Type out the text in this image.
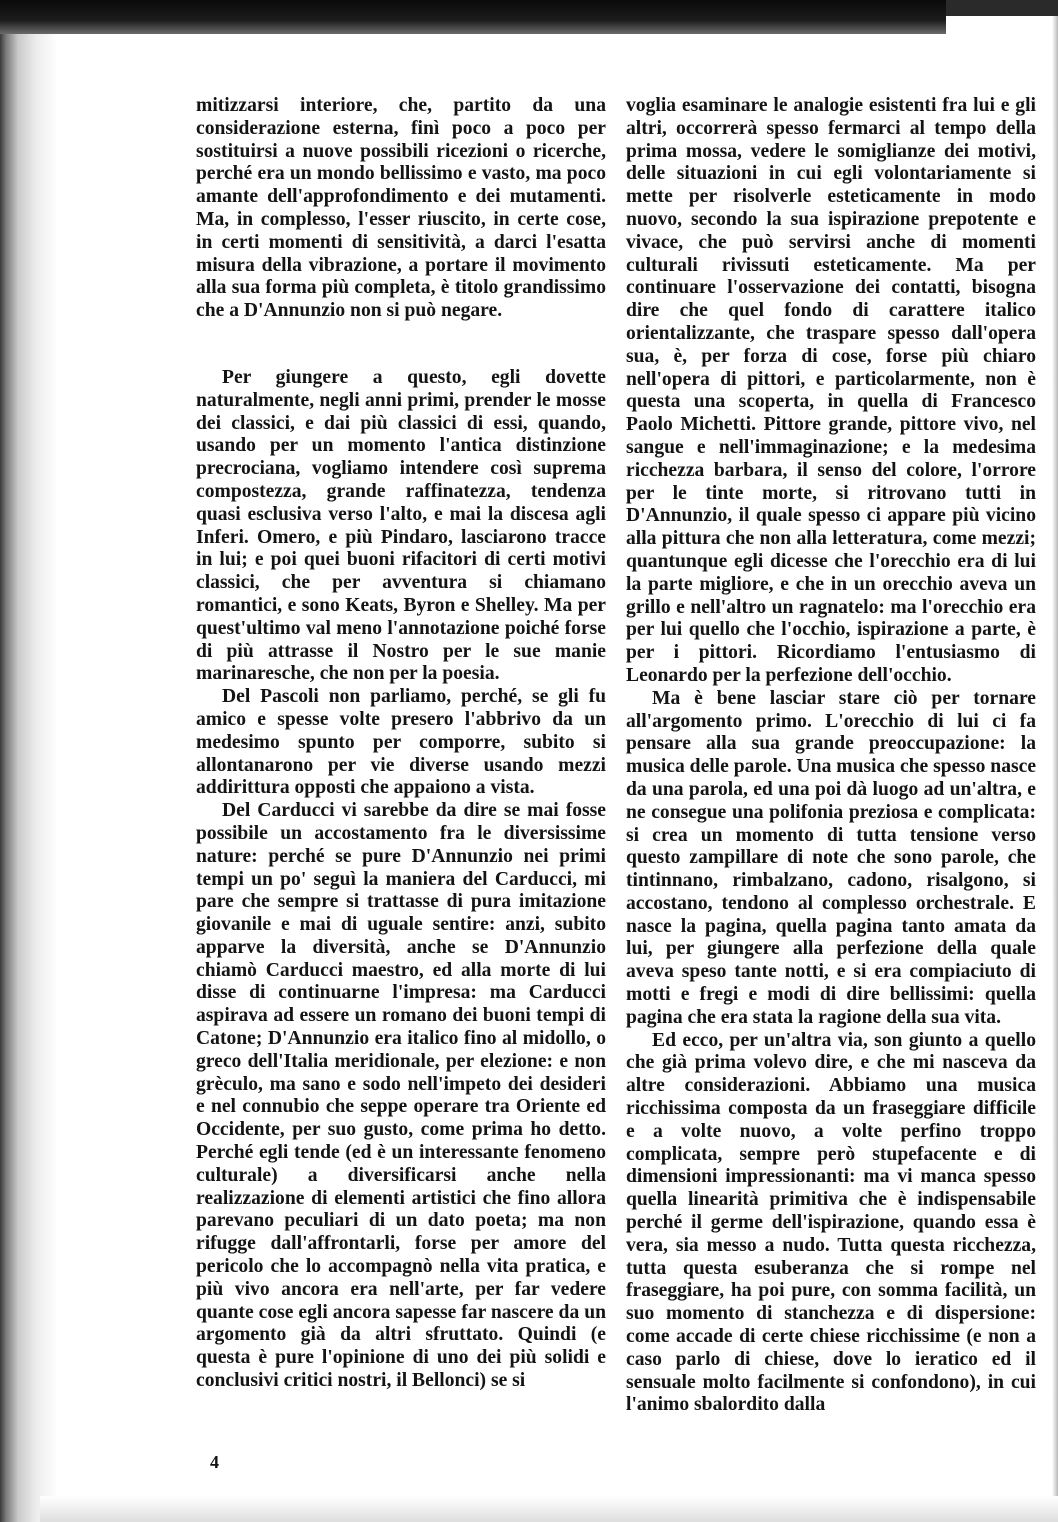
mitizzarsi interiore, che, partito da una considerazione esterna, finì poco a poco per sostituirsi a nuove possibili ricezioni o ricerche, perché era un mondo bellissimo e vasto, ma poco amante dell'approfondimento e dei mutamenti. Ma, in complesso, l'esser riuscito, in certe cose, in certi momenti di sensitività, a darci l'esatta misura della vibrazione, a portare il movimento alla sua forma più completa, è titolo grandissimo che a D'Annunzio non si può negare.

Per giungere a questo, egli dovette naturalmente, negli anni primi, prender le mosse dei classici, e dai più classici di essi, quando, usando per un momento l'antica distinzione precrociana, vogliamo intendere così suprema compostezza, grande raffinatezza, tendenza quasi esclusiva verso l'alto, e mai la discesa agli Inferi. Omero, e più Pindaro, lasciarono tracce in lui; e poi quei buoni rifacitori di certi motivi classici, che per avventura si chiamano romantici, e sono Keats, Byron e Shelley. Ma per quest'ultimo val meno l'annotazione poiché forse di più attrasse il Nostro per le sue manie marinaresche, che non per la poesia.

Del Pascoli non parliamo, perché, se gli fu amico e spesse volte presero l'abbrivo da un medesimo spunto per comporre, subito si allontanarono per vie diverse usando mezzi addirittura opposti che appaiono a vista.

Del Carducci vi sarebbe da dire se mai fosse possibile un accostamento fra le diversissime nature: perché se pure D'Annunzio nei primi tempi un po' seguì la maniera del Carducci, mi pare che sempre si trattasse di pura imitazione giovanile e mai di uguale sentire: anzi, subito apparve la diversità, anche se D'Annunzio chiamò Carducci maestro, ed alla morte di lui disse di continuarne l'impresa: ma Carducci aspirava ad essere un romano dei buoni tempi di Catone; D'Annunzio era italico fino al midollo, o greco dell'Italia meridionale, per elezione: e non grèculo, ma sano e sodo nell'impeto dei desideri e nel connubio che seppe operare tra Oriente ed Occidente, per suo gusto, come prima ho detto. Perché egli tende (ed è un interessante fenomeno culturale) a diversificarsi anche nella realizzazione di elementi artistici che fino allora parevano peculiari di un dato poeta; ma non rifugge dall'affrontarli, forse per amore del pericolo che lo accompagnò nella vita pratica, e più vivo ancora era nell'arte, per far vedere quante cose egli ancora sapesse far nascere da un argomento già da altri sfruttato. Quindi (e questa è pure l'opinione di uno dei più solidi e conclusivi critici nostri, il Bellonci) se si

voglia esaminare le analogie esistenti fra lui e gli altri, occorrerà spesso fermarci al tempo della prima mossa, vedere le somiglianze dei motivi, delle situazioni in cui egli volontariamente si mette per risolverle esteticamente in modo nuovo, secondo la sua ispirazione prepotente e vivace, che può servirsi anche di momenti culturali rivissuti esteticamente. Ma per continuare l'osservazione dei contatti, bisogna dire che quel fondo di carattere italico orientalizzante, che traspare spesso dall'opera sua, è, per forza di cose, forse più chiaro nell'opera di pittori, e particolarmente, non è questa una scoperta, in quella di Francesco Paolo Michetti. Pittore grande, pittore vivo, nel sangue e nell'immaginazione; e la medesima ricchezza barbara, il senso del colore, l'orrore per le tinte morte, si ritrovano tutti in D'Annunzio, il quale spesso ci appare più vicino alla pittura che non alla letteratura, come mezzi; quantunque egli dicesse che l'orecchio era di lui la parte migliore, e che in un orecchio aveva un grillo e nell'altro un ragnatelo: ma l'orecchio era per lui quello che l'occhio, ispirazione a parte, è per i pittori. Ricordiamo l'entusiasmo di Leonardo per la perfezione dell'occhio.

Ma è bene lasciar stare ciò per tornare all'argomento primo. L'orecchio di lui ci fa pensare alla sua grande preoccupazione: la musica delle parole. Una musica che spesso nasce da una parola, ed una poi dà luogo ad un'altra, e ne consegue una polifonia preziosa e complicata: si crea un momento di tutta tensione verso questo zampillare di note che sono parole, che tintinnano, rimbalzano, cadono, risalgono, si accostano, tendono al complesso orchestrale. E nasce la pagina, quella pagina tanto amata da lui, per giungere alla perfezione della quale aveva speso tante notti, e si era compiaciuto di motti e fregi e modi di dire bellissimi: quella pagina che era stata la ragione della sua vita.

Ed ecco, per un'altra via, son giunto a quello che già prima volevo dire, e che mi nasceva da altre considerazioni. Abbiamo una musica ricchissima composta da un fraseggiare difficile e a volte nuovo, a volte perfino troppo complicata, sempre però stupefacente e di dimensioni impressionanti: ma vi manca spesso quella linearità primitiva che è indispensabile perché il germe dell'ispirazione, quando essa è vera, sia messo a nudo. Tutta questa ricchezza, tutta questa esuberanza che si rompe nel fraseggiare, ha poi pure, con somma facilità, un suo momento di stanchezza e di dispersione: come accade di certe chiese ricchissime (e non a caso parlo di chiese, dove lo ieratico ed il sensuale molto facilmente si confondono), in cui l'animo sbalordito dalla

4
